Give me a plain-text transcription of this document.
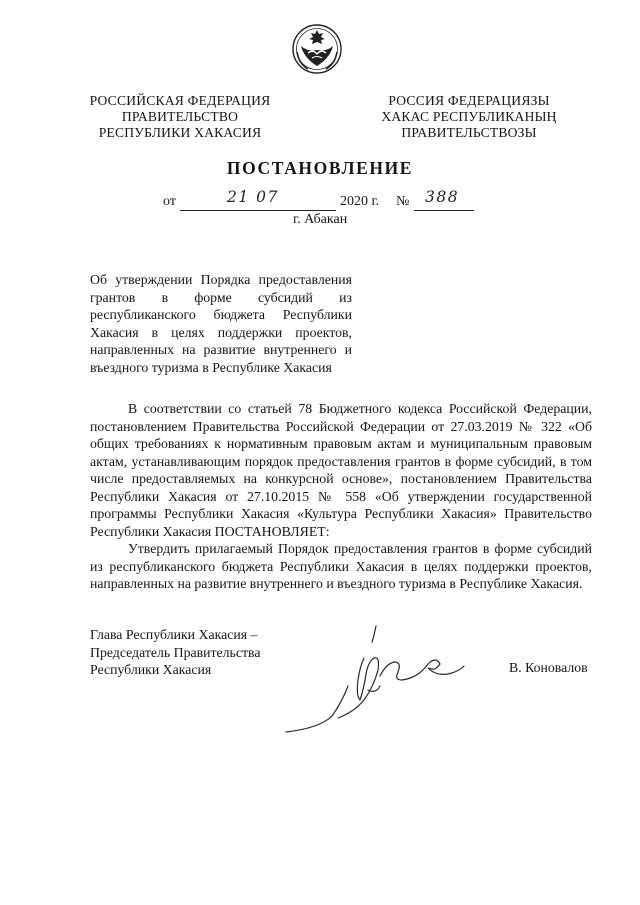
РОССИЙСКАЯ ФЕДЕРАЦИЯ
ПРАВИТЕЛЬСТВО
РЕСПУБЛИКИ ХАКАСИЯ
РОССИЯ ФЕДЕРАЦИЯЗЫ
ХАКАС РЕСПУБЛИКАНЫҢ
ПРАВИТЕЛЬСТВОЗЫ
ПОСТАНОВЛЕНИЕ
от	21 07	2020 г. № 388
г. Абакан
Об утверждении Порядка предоставления грантов в форме субсидий из республиканского бюджета Республики Хакасия в целях поддержки проектов, направленных на развитие внутреннего и въездного туризма в Республике Хакасия

В соответствии со статьей 78 Бюджетного кодекса Российской Федерации, постановлением Правительства Российской Федерации от 27.03.2019 № 322 «Об общих требованиях к нормативным правовым актам и муниципальным правовым актам, устанавливающим порядок предоставления грантов в форме субсидий, в том числе предоставляемых на конкурсной основе», постановлением Правительства Республики Хакасия от 27.10.2015 № 558 «Об утверждении государственной программы Республики Хакасия «Культура Республики Хакасия» Правительство Республики Хакасия ПОСТАНОВЛЯЕТ:

Утвердить прилагаемый Порядок предоставления грантов в форме субсидий из республиканского бюджета Республики Хакасия в целях поддержки проектов, направленных на развитие внутреннего и въездного туризма в Республике Хакасия.

Глава Республики Хакасия –
Председатель Правительства
Республики Хакасия	В. Коновалов
